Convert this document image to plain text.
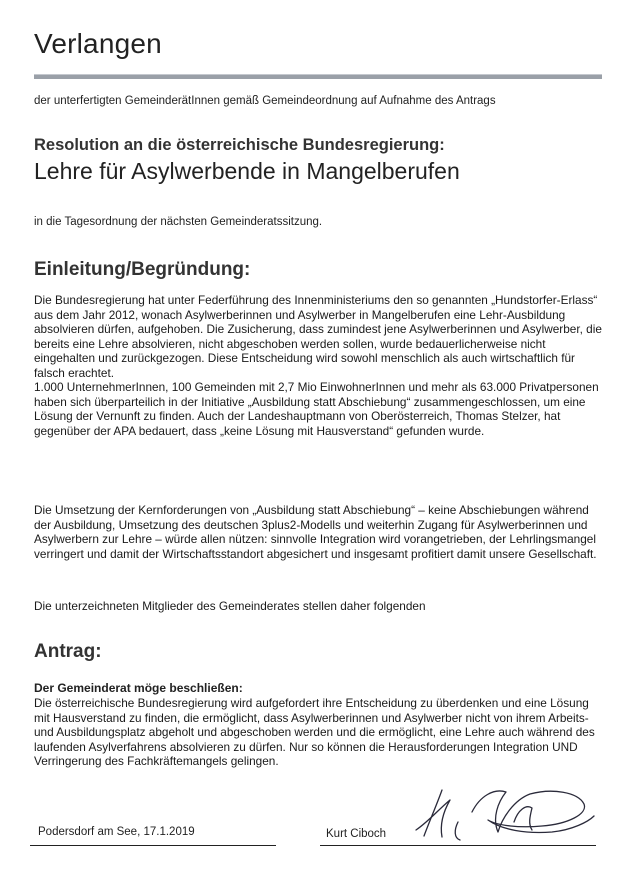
Verlangen
der unterfertigten GemeinderätInnen gemäß Gemeindeordnung auf Aufnahme des Antrags
Resolution an die österreichische Bundesregierung:
Lehre für Asylwerbende in Mangelberufen
in die Tagesordnung der nächsten Gemeinderatssitzung.
Einleitung/Begründung:

Die Bundesregierung hat unter Federführung des Innenministeriums den so genannten „Hundstorfer-Erlass“ aus dem Jahr 2012, wonach Asylwerberinnen und Asylwerber in Mangelberufen eine Lehr-Ausbildung absolvieren dürfen, aufgehoben. Die Zusicherung, dass zumindest jene Asylwerberinnen und Asylwerber, die bereits eine Lehre absolvieren, nicht abgeschoben werden sollen, wurde bedauerlicherweise nicht eingehalten und zurückgezogen. Diese Entscheidung wird sowohl menschlich als auch wirtschaftlich für falsch erachtet.

1.000 UnternehmerInnen, 100 Gemeinden mit 2,7 Mio EinwohnerInnen und mehr als 63.000 Privatpersonen haben sich überparteilich in der Initiative „Ausbildung statt Abschiebung“ zusammengeschlossen, um eine Lösung der Vernunft zu finden. Auch der Landeshauptmann von Oberösterreich, Thomas Stelzer, hat gegenüber der APA bedauert, dass „keine Lösung mit Hausverstand“ gefunden wurde.

Die Umsetzung der Kernforderungen von „Ausbildung statt Abschiebung“ – keine Abschiebungen während der Ausbildung, Umsetzung des deutschen 3plus2-Modells und weiterhin Zugang für Asylwerberinnen und Asylwerbern zur Lehre – würde allen nützen: sinnvolle Integration wird vorangetrieben, der Lehrlingsmangel verringert und damit der Wirtschaftsstandort abgesichert und insgesamt profitiert damit unsere Gesellschaft.

Die unterzeichneten Mitglieder des Gemeinderates stellen daher folgenden

Antrag:
Der Gemeinderat möge beschließen:

Die österreichische Bundesregierung wird aufgefordert ihre Entscheidung zu überdenken und eine Lösung mit Hausverstand zu finden, die ermöglicht, dass Asylwerberinnen und Asylwerber nicht von ihrem Arbeits- und Ausbildungsplatz abgeholt und abgeschoben werden und die ermöglicht, eine Lehre auch während des laufenden Asylverfahrens absolvieren zu dürfen. Nur so können die Herausforderungen Integration UND Verringerung des Fachkräftemangels gelingen.

Podersdorf am See, 17.1.2019	Kurt Ciboch
